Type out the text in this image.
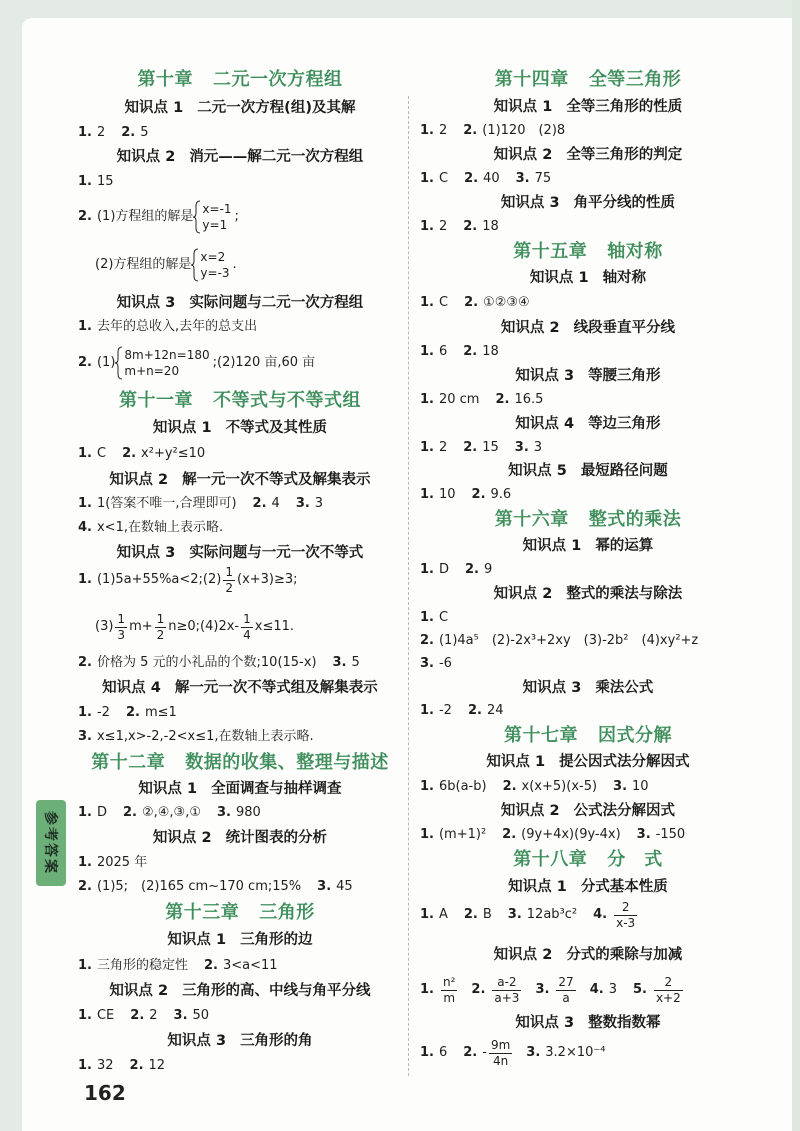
第十章 二元一次方程组
知识点 1 二元一次方程(组)及其解
1. 2 2. 5
知识点 2 消元——解二元一次方程组
1. 15
2. (1)方程组的解是 x=-1
y=1
;
(2)方程组的解是 x=2
y=-3
.
知识点 3 实际问题与二元一次方程组
1. 去年的总收入,去年的总支出
2. (1) 8m+12n=180
m+n=20
;(2)120 亩,60 亩
第十一章 不等式与不等式组
知识点 1 不等式及其性质
1. C 2. x²+y²≤10
知识点 2 解一元一次不等式及解集表示
1. 1(答案不唯一,合理即可) 2. 4 3. 3
4. x<1,在数轴上表示略.
知识点 3 实际问题与一元一次不等式
1. (1)5a+55%a<2;(2) $\frac{1}{2} (x+3)\ge 3$;
$(3) \frac{1}{3} m+ \frac{1}{2}$ n≥0;(4)2x- $\frac{1}{4} x\le 11$.
2. 价格为 5 元的小礼品的个数;10(15-x) 3. 5
知识点 4 解一元一次不等式组及解集表示
1. -2 2. m≤1
3. x≤1,x>-2,-2<x≤1,在数轴上表示略.
第十二章 数据的收集、整理与描述
知识点 1 全面调查与抽样调查
1. D 2. ②,④,③,① 3. 980
知识点 2 统计图表的分析
1. 2025 年
2. (1)5;　(2)165 cm~170 cm;15% 3. 45
第十三章 三角形
知识点 1 三角形的边
1. 三角形的稳定性 2. 3<a<11
知识点 2 三角形的高、中线与角平分线
1. CE 2. 2 3. 50
知识点 3 三角形的角
1. 32 2. 12
第十四章 全等三角形
知识点 1 全等三角形的性质
1. 2 2. (1)120　(2)8
知识点 2 全等三角形的判定
1. C 2. 40 3. 75
知识点 3 角平分线的性质
1. 2 2. 18
第十五章 轴对称
知识点 1 轴对称
1. C 2. ①②③④
知识点 2 线段垂直平分线
1. 6 2. 18
知识点 3 等腰三角形
1. 20 cm 2. 16.5
知识点 4 等边三角形
1. 2 2. 15 3. 3
知识点 5 最短路径问题
1. 10 2. 9.6
第十六章 整式的乘法
知识点 1 幂的运算
1. D 2. 9
知识点 2 整式的乘法与除法
1. C
2. (1)4a⁵　(2)-2x³+2xy　(3)-2b²　(4)xy²+z
3. -6
知识点 3 乘法公式
1. -2 2. 24
第十七章 因式分解
知识点 1 提公因式法分解因式
1. 6b(a-b) 2. x(x+5)(x-5) 3. 10
知识点 2 公式法分解因式
1. (m+1)² 2. (9y+4x)(9y-4x) 3. -150
第十八章 分　式
知识点 1 分式基本性质
1. A 2. B 3. 12ab³c² 4. $\frac{2}{x-3}$
知识点 2 分式的乘除与加减
1. $\frac{\text{n²}}{m} 2$. $\frac{a-2}{a+3} 3$. $\frac{27}{a} 4$. 3 5. $\frac{2}{x+2}$
知识点 3 整数指数幂
1. 6 2. - $\frac{9m}{4n} 3$. 3.2×10⁻⁴
参考答案
162
